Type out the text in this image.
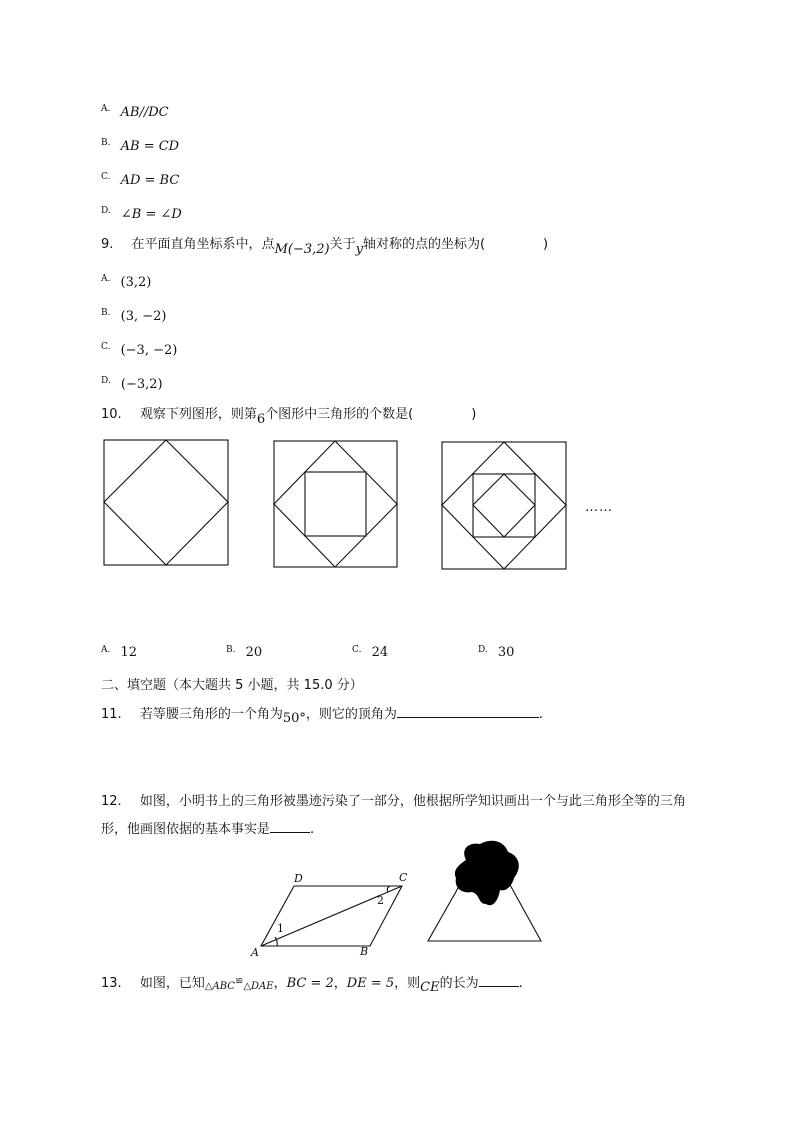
A. AB//DC
B. AB = CD
C. AD = BC
D. ∠B = ∠D
9. 在平面直角坐标系中，点M(−3,2)关于y轴对称的点的坐标为(	)
A. (3,2)
B. (3, −2)
C. (−3, −2)
D. (−3,2)
10. 观察下列图形，则第6个图形中三角形的个数是(	)
……
A. 12	B. 20	C. 24	D. 30
二、填空题（本大题共 5 小题，共 15.0 分）
11. 若等腰三角形的一个角为50°，则它的顶角为	.
12. 如图，小明书上的三角形被墨迹污染了一部分，他根据所学知识画出一个与此三角形全等的三角
形，他画图依据的基本事实是	.
D	C
A	B
1
2
13. 如图，已知△ABC≌△DAE，BC = 2，DE = 5，则CE的长为	.
